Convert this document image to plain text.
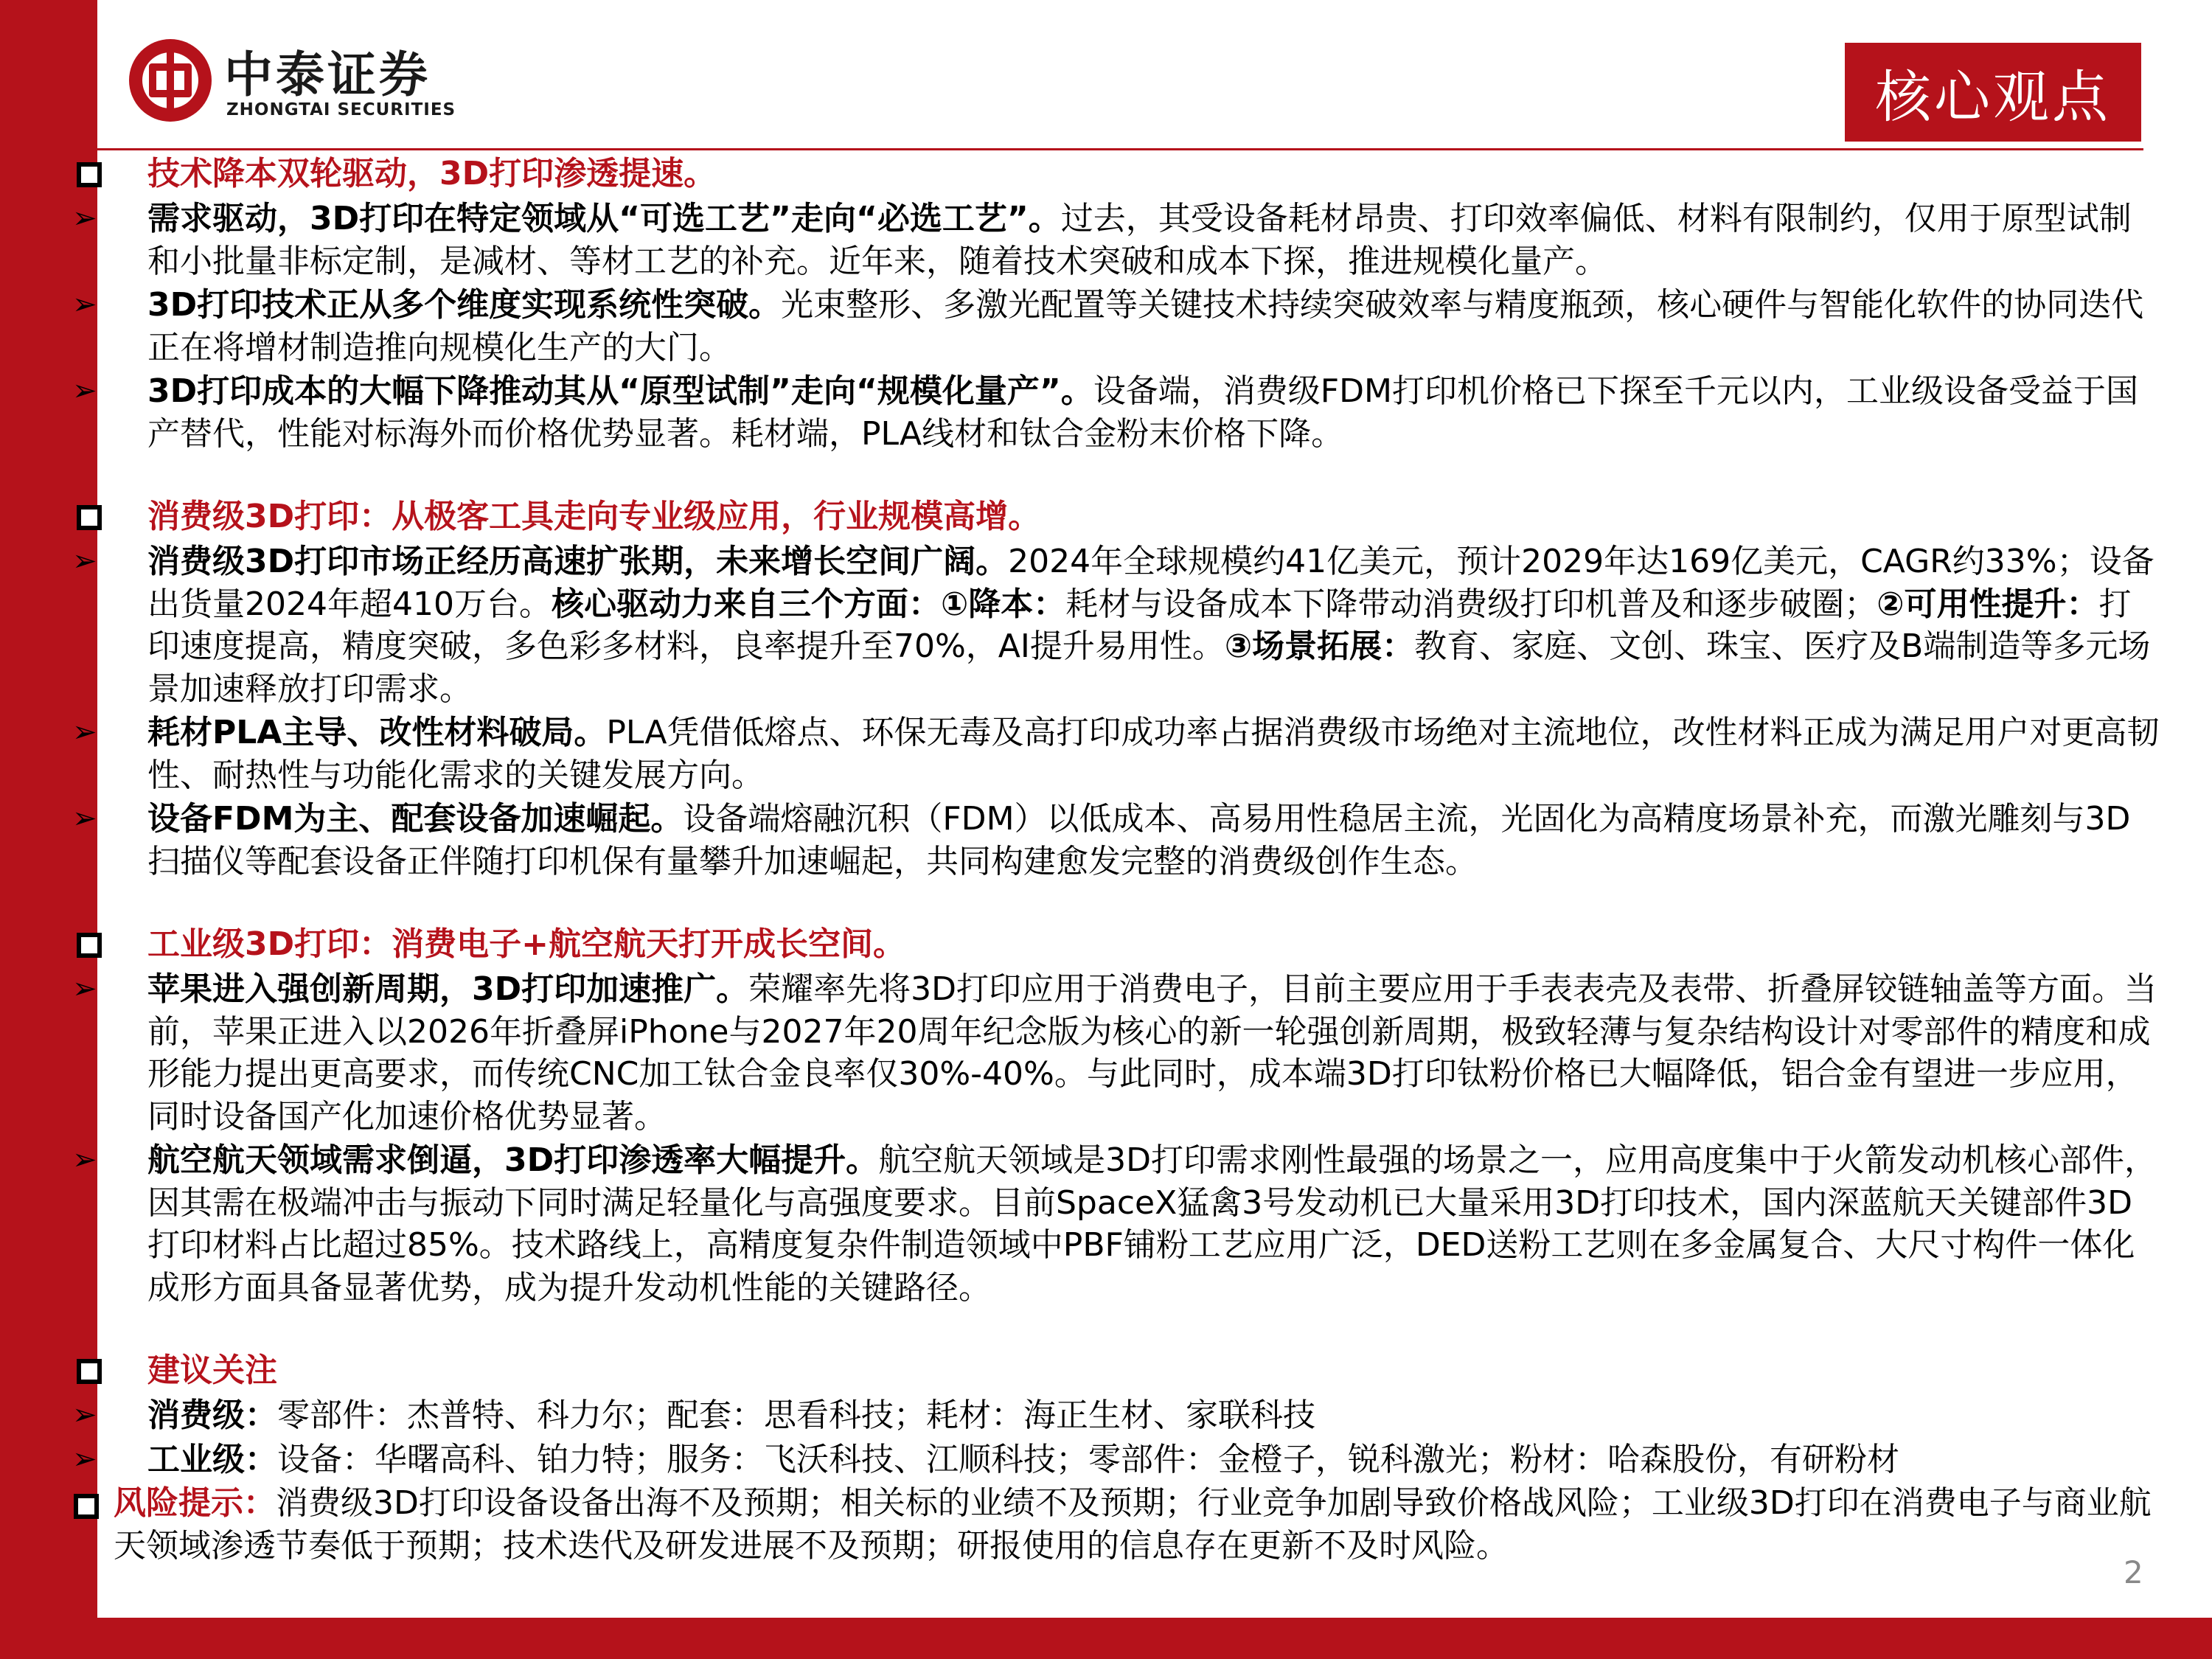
中泰证券
ZHONGTAI SECURITIES	核心观点
技术降本双轮驱动，3D打印渗透提速。
➢ 需求驱动，3D打印在特定领域从“可选工艺”走向“必选工艺”。过去，其受设备耗材昂贵、打印效率偏低、材料有限制约，仅用于原型试制和小批量非标定制，是减材、等材工艺的补充。近年来，随着技术突破和成本下探，推进规模化量产。
➢ 3D打印技术正从多个维度实现系统性突破。光束整形、多激光配置等关键技术持续突破效率与精度瓶颈，核心硬件与智能化软件的协同迭代正在将增材制造推向规模化生产的大门。
➢ 3D打印成本的大幅下降推动其从“原型试制”走向“规模化量产”。设备端，消费级FDM打印机价格已下探至千元以内，工业级设备受益于国产替代，性能对标海外而价格优势显著。耗材端，PLA线材和钛合金粉末价格下降。
消费级3D打印：从极客工具走向专业级应用，行业规模高增。
➢ 消费级3D打印市场正经历高速扩张期，未来增长空间广阔。2024年全球规模约41亿美元，预计2029年达169亿美元，CAGR约33%；设备出货量2024年超410万台。核心驱动力来自三个方面：①降本：耗材与设备成本下降带动消费级打印机普及和逐步破圈；②可用性提升：打印速度提高，精度突破，多色彩多材料，良率提升至70%，AI提升易用性。③场景拓展：教育、家庭、文创、珠宝、医疗及B端制造等多元场景加速释放打印需求。
➢ 耗材PLA主导、改性材料破局。PLA凭借低熔点、环保无毒及高打印成功率占据消费级市场绝对主流地位，改性材料正成为满足用户对更高韧性、耐热性与功能化需求的关键发展方向。
➢ 设备FDM为主、配套设备加速崛起。设备端熔融沉积（FDM）以低成本、高易用性稳居主流，光固化为高精度场景补充，而激光雕刻与3D扫描仪等配套设备正伴随打印机保有量攀升加速崛起，共同构建愈发完整的消费级创作生态。
工业级3D打印：消费电子+航空航天打开成长空间。
➢ 苹果进入强创新周期，3D打印加速推广。荣耀率先将3D打印应用于消费电子，目前主要应用于手表表壳及表带、折叠屏铰链轴盖等方面。当前，苹果正进入以2026年折叠屏iPhone与2027年20周年纪念版为核心的新一轮强创新周期，极致轻薄与复杂结构设计对零部件的精度和成形能力提出更高要求，而传统CNC加工钛合金良率仅30%-40%。与此同时，成本端3D打印钛粉价格已大幅降低，铝合金有望进一步应用，同时设备国产化加速价格优势显著。
➢ 航空航天领域需求倒逼，3D打印渗透率大幅提升。航空航天领域是3D打印需求刚性最强的场景之一，应用高度集中于火箭发动机核心部件，因其需在极端冲击与振动下同时满足轻量化与高强度要求。目前SpaceX猛禽3号发动机已大量采用3D打印技术，国内深蓝航天关键部件3D打印材料占比超过85%。技术路线上，高精度复杂件制造领域中PBF铺粉工艺应用广泛，DED送粉工艺则在多金属复合、大尺寸构件一体化成形方面具备显著优势，成为提升发动机性能的关键路径。
建议关注
➢ 消费级：零部件：杰普特、科力尔；配套：思看科技；耗材：海正生材、家联科技
➢ 工业级：设备：华曙高科、铂力特；服务：飞沃科技、江顺科技；零部件：金橙子，锐科激光；粉材：哈森股份，有研粉材
风险提示：消费级3D打印设备设备出海不及预期；相关标的业绩不及预期；行业竞争加剧导致价格战风险；工业级3D打印在消费电子与商业航天领域渗透节奏低于预期；技术迭代及研发进展不及预期；研报使用的信息存在更新不及时风险。
2
